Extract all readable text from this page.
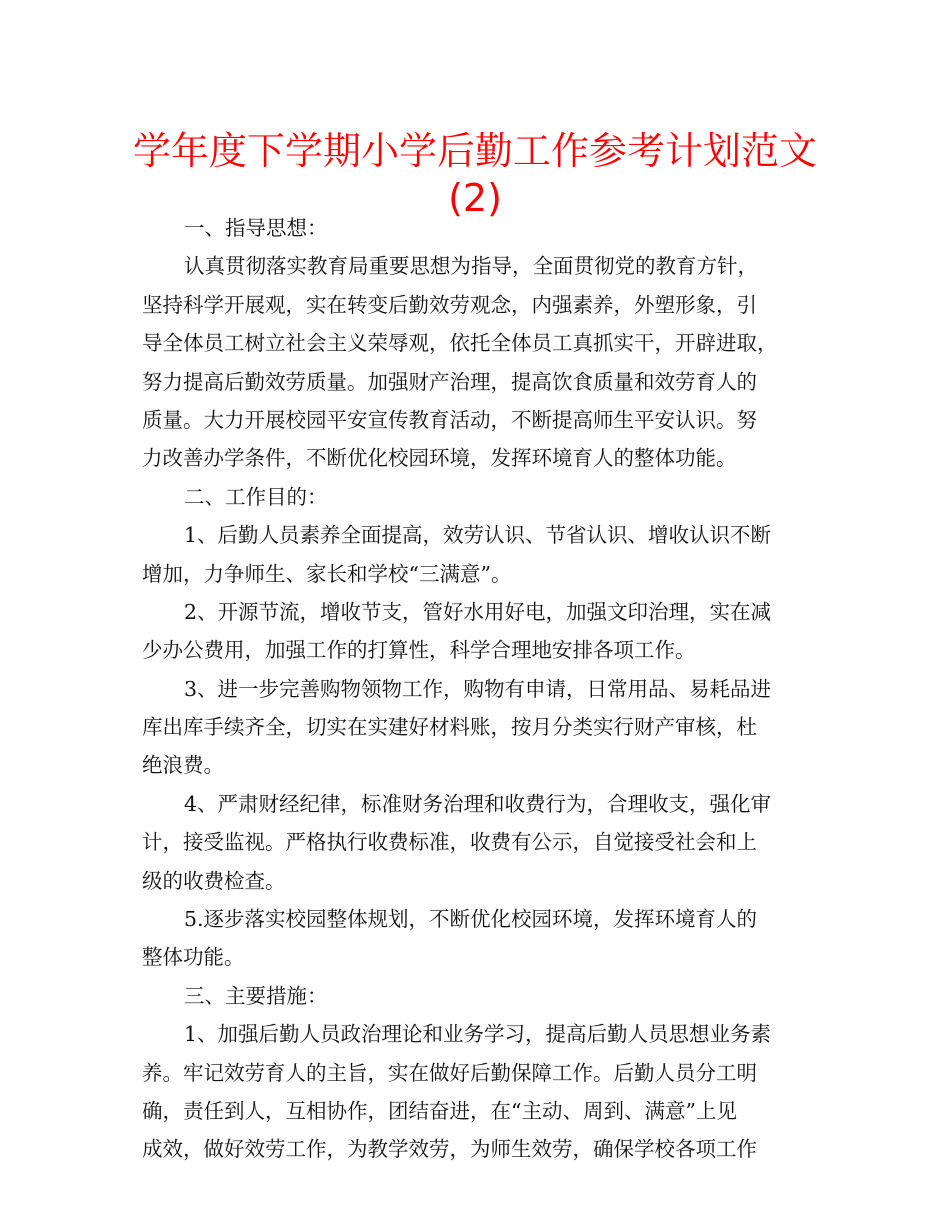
学年度下学期小学后勤工作参考计划范文
(2)
一、指导思想：
认真贯彻落实教育局重要思想为指导，全面贯彻党的教育方针，
坚持科学开展观，实在转变后勤效劳观念，内强素养，外塑形象，引
导全体员工树立社会主义荣辱观，依托全体员工真抓实干，开辟进取，
努力提高后勤效劳质量。加强财产治理，提高饮食质量和效劳育人的
质量。大力开展校园平安宣传教育活动，不断提高师生平安认识。努
力改善办学条件，不断优化校园环境，发挥环境育人的整体功能。
二、工作目的：
1、后勤人员素养全面提高，效劳认识、节省认识、增收认识不断
增加，力争师生、家长和学校“三满意”。
2、开源节流，增收节支，管好水用好电，加强文印治理，实在减
少办公费用，加强工作的打算性，科学合理地安排各项工作。
3、进一步完善购物领物工作，购物有申请，日常用品、易耗品进
库出库手续齐全，切实在实建好材料账，按月分类实行财产审核，杜
绝浪费。
4、严肃财经纪律，标准财务治理和收费行为，合理收支，强化审
计，接受监视。严格执行收费标准，收费有公示，自觉接受社会和上
级的收费检查。
5.逐步落实校园整体规划，不断优化校园环境，发挥环境育人的
整体功能。
三、主要措施：
1、加强后勤人员政治理论和业务学习，提高后勤人员思想业务素
养。牢记效劳育人的主旨，实在做好后勤保障工作。后勤人员分工明
确，责任到人，互相协作，团结奋进，在“主动、周到、满意”上见
成效，做好效劳工作，为教学效劳，为师生效劳，确保学校各项工作
